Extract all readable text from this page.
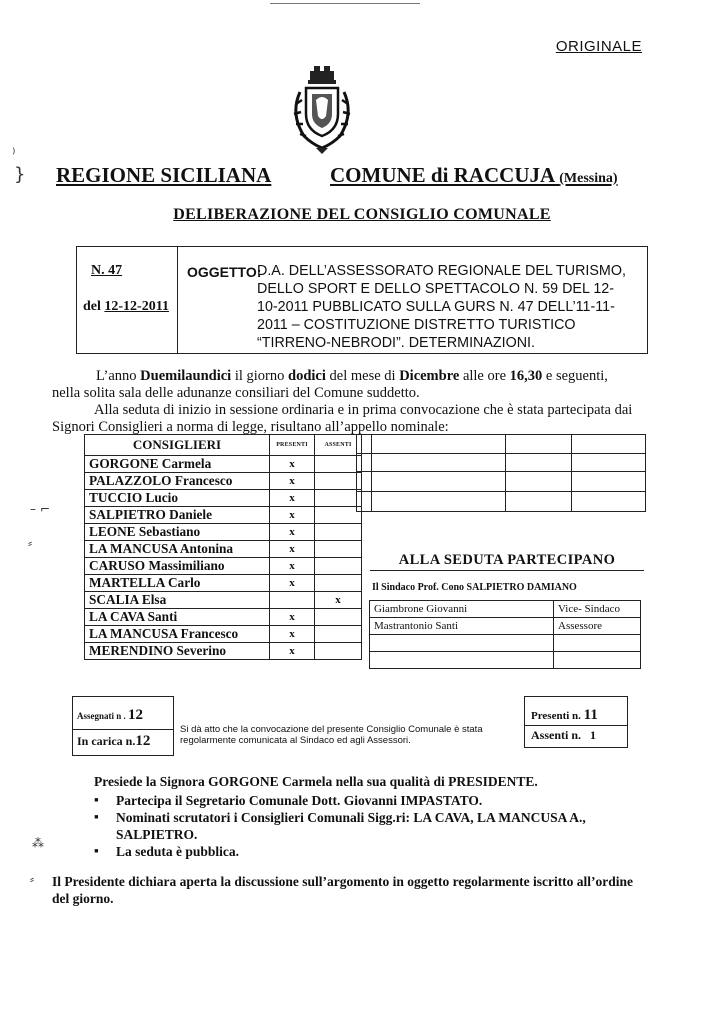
ORIGINALE
⁾
} REGIONE SICILIANA	COMUNE di RACCUJA (Messina)
DELIBERAZIONE DEL CONSIGLIO COMUNALE
N. 47
del 12-12-2011
OGGETTO:
D.A. DELL’ASSESSORATO REGIONALE DEL TURISMO,
DELLO SPORT E DELLO SPETTACOLO N. 59 DEL 12-
10-2011 PUBBLICATO SULLA GURS N. 47 DELL’11-11-
2011 – COSTITUZIONE DISTRETTO TURISTICO
“TIRRENO-NEBRODI”. DETERMINAZIONI.
L’anno Duemilaundici il giorno dodici del mese di Dicembre alle ore 16,30 e seguenti,
nella solita sala delle adunanze consiliari del Comune suddetto.
Alla seduta di inizio in sessione ordinaria e in prima convocazione che è stata partecipata dai
Signori Consiglieri a norma di legge, risultano all’appello nominale:
CONSIGLIERI	PRESENTI	ASSENTI
GORGONE Carmela	x	
PALAZZOLO Francesco	x	
TUCCIO Lucio	x	
SALPIETRO Daniele	x	
LEONE Sebastiano	x	
LA MANCUSA Antonina	x	
CARUSO Massimiliano	x	
MARTELLA Carlo	x	
SCALIA Elsa		x
LA CAVA Santi	x	
LA MANCUSA Francesco	x	
MERENDINO Severino	x	
– ⌐
⸗
ALLA SEDUTA PARTECIPANO
Il Sindaco Prof. Cono SALPIETRO DAMIANO
Giambrone Giovanni	Vice- Sindaco
Mastrantonio Santi	Assessore

Assegnati n . 12
In carica n.12
Si dà atto che la convocazione del presente Consiglio Comunale è stata regolarmente comunicata al Sindaco ed agli Assessori.
Presenti n. 11
Assenti n. 1
Presiede la Signora GORGONE Carmela nella sua qualità di PRESIDENTE.
▪ Partecipa il Segretario Comunale Dott. Giovanni IMPASTATO.
▪ Nominati scrutatori i Consiglieri Comunali Sigg.ri: LA CAVA, LA MANCUSA A., SALPIETRO.
▪ La seduta è pubblica.
⁂
⸗ Il Presidente dichiara aperta la discussione sull’argomento in oggetto regolarmente iscritto all’ordine del giorno.
